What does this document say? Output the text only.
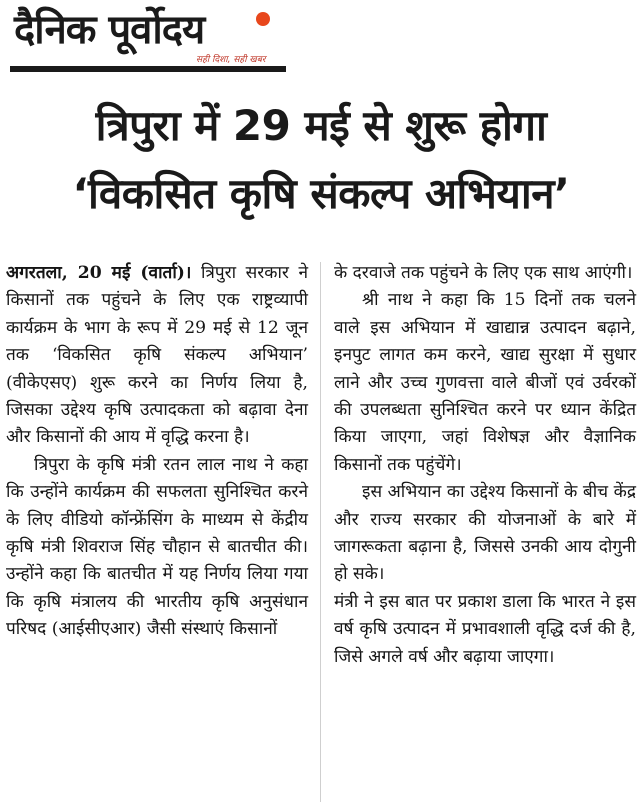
दैनिक पूर्वोदय
सही दिशा, सही खबर
त्रिपुरा में 29 मई से शुरू होगा
‘विकसित कृषि संकल्प अभियान’

अगरतला, 20 मई (वार्ता)। त्रिपुरा सरकार ने किसानों तक पहुंचने के लिए एक राष्ट्रव्यापी कार्यक्रम के भाग के रूप में 29 मई से 12 जून तक ‘विकसित कृषि संकल्प अभियान’ (वीकेएसए) शुरू करने का निर्णय लिया है, जिसका उद्देश्य कृषि उत्पादकता को बढ़ावा देना और किसानों की आय में वृद्धि करना है।

त्रिपुरा के कृषि मंत्री रतन लाल नाथ ने कहा कि उन्होंने कार्यक्रम की सफलता सुनिश्चित करने के लिए वीडियो कॉन्फ्रेंसिंग के माध्यम से केंद्रीय कृषि मंत्री शिवराज सिंह चौहान से बातचीत की। उन्होंने कहा कि बातचीत में यह निर्णय लिया गया कि कृषि मंत्रालय की भारतीय कृषि अनुसंधान परिषद (आईसीएआर) जैसी संस्थाएं किसानों

के दरवाजे तक पहुंचने के लिए एक साथ आएंगी।

श्री नाथ ने कहा कि 15 दिनों तक चलने वाले इस अभियान में खाद्यान्न उत्पादन बढ़ाने, इनपुट लागत कम करने, खाद्य सुरक्षा में सुधार लाने और उच्च गुणवत्ता वाले बीजों एवं उर्वरकों की उपलब्धता सुनिश्चित करने पर ध्यान केंद्रित किया जाएगा, जहां विशेषज्ञ और वैज्ञानिक किसानों तक पहुंचेंगे।

इस अभियान का उद्देश्य किसानों के बीच केंद्र और राज्य सरकार की योजनाओं के बारे में जागरूकता बढ़ाना है, जिससे उनकी आय दोगुनी हो सके।

मंत्री ने इस बात पर प्रकाश डाला कि भारत ने इस वर्ष कृषि उत्पादन में प्रभावशाली वृद्धि दर्ज की है, जिसे अगले वर्ष और बढ़ाया जाएगा।
